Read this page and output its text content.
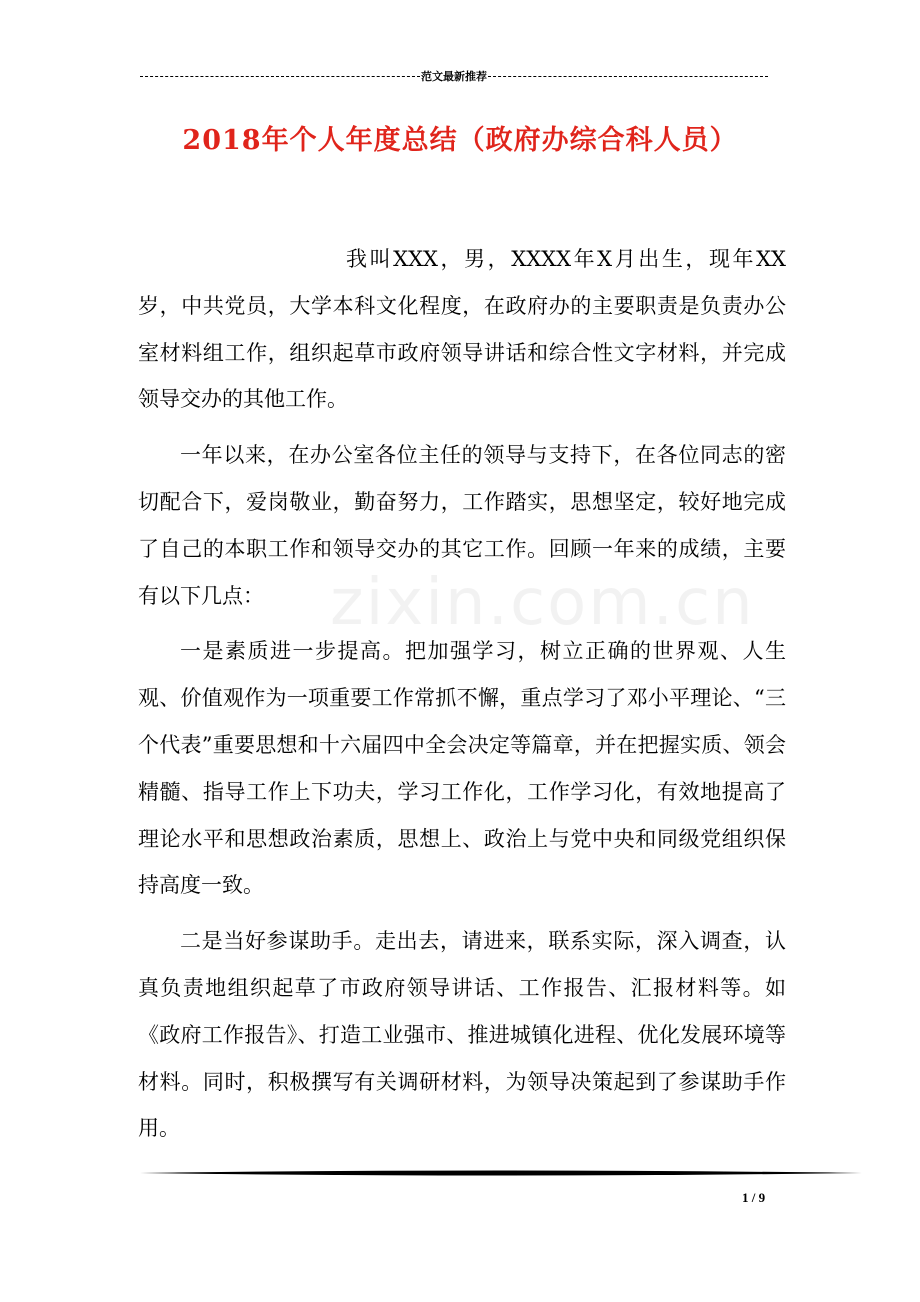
范文最新推荐
2018年个人年度总结（政府办综合科人员）
zixin.com.cn

我叫XXX，男，XXXX年X月出生，现年XX岁，中共党员，大学本科文化程度，在政府办的主要职责是负责办公室材料组工作，组织起草市政府领导讲话和综合性文字材料，并完成领导交办的其他工作。

一年以来，在办公室各位主任的领导与支持下，在各位同志的密切配合下，爱岗敬业，勤奋努力，工作踏实，思想坚定，较好地完成了自己的本职工作和领导交办的其它工作。回顾一年来的成绩，主要有以下几点：

一是素质进一步提高。把加强学习，树立正确的世界观、人生观、价值观作为一项重要工作常抓不懈，重点学习了邓小平理论、“三个代表”重要思想和十六届四中全会决定等篇章，并在把握实质、领会精髓、指导工作上下功夫，学习工作化，工作学习化，有效地提高了理论水平和思想政治素质，思想上、政治上与党中央和同级党组织保持高度一致。

二是当好参谋助手。走出去，请进来，联系实际，深入调查，认真负责地组织起草了市政府领导讲话、工作报告、汇报材料等。如《政府工作报告》、打造工业强市、推进城镇化进程、优化发展环境等材料。同时，积极撰写有关调研材料，为领导决策起到了参谋助手作用。

1 / 9
